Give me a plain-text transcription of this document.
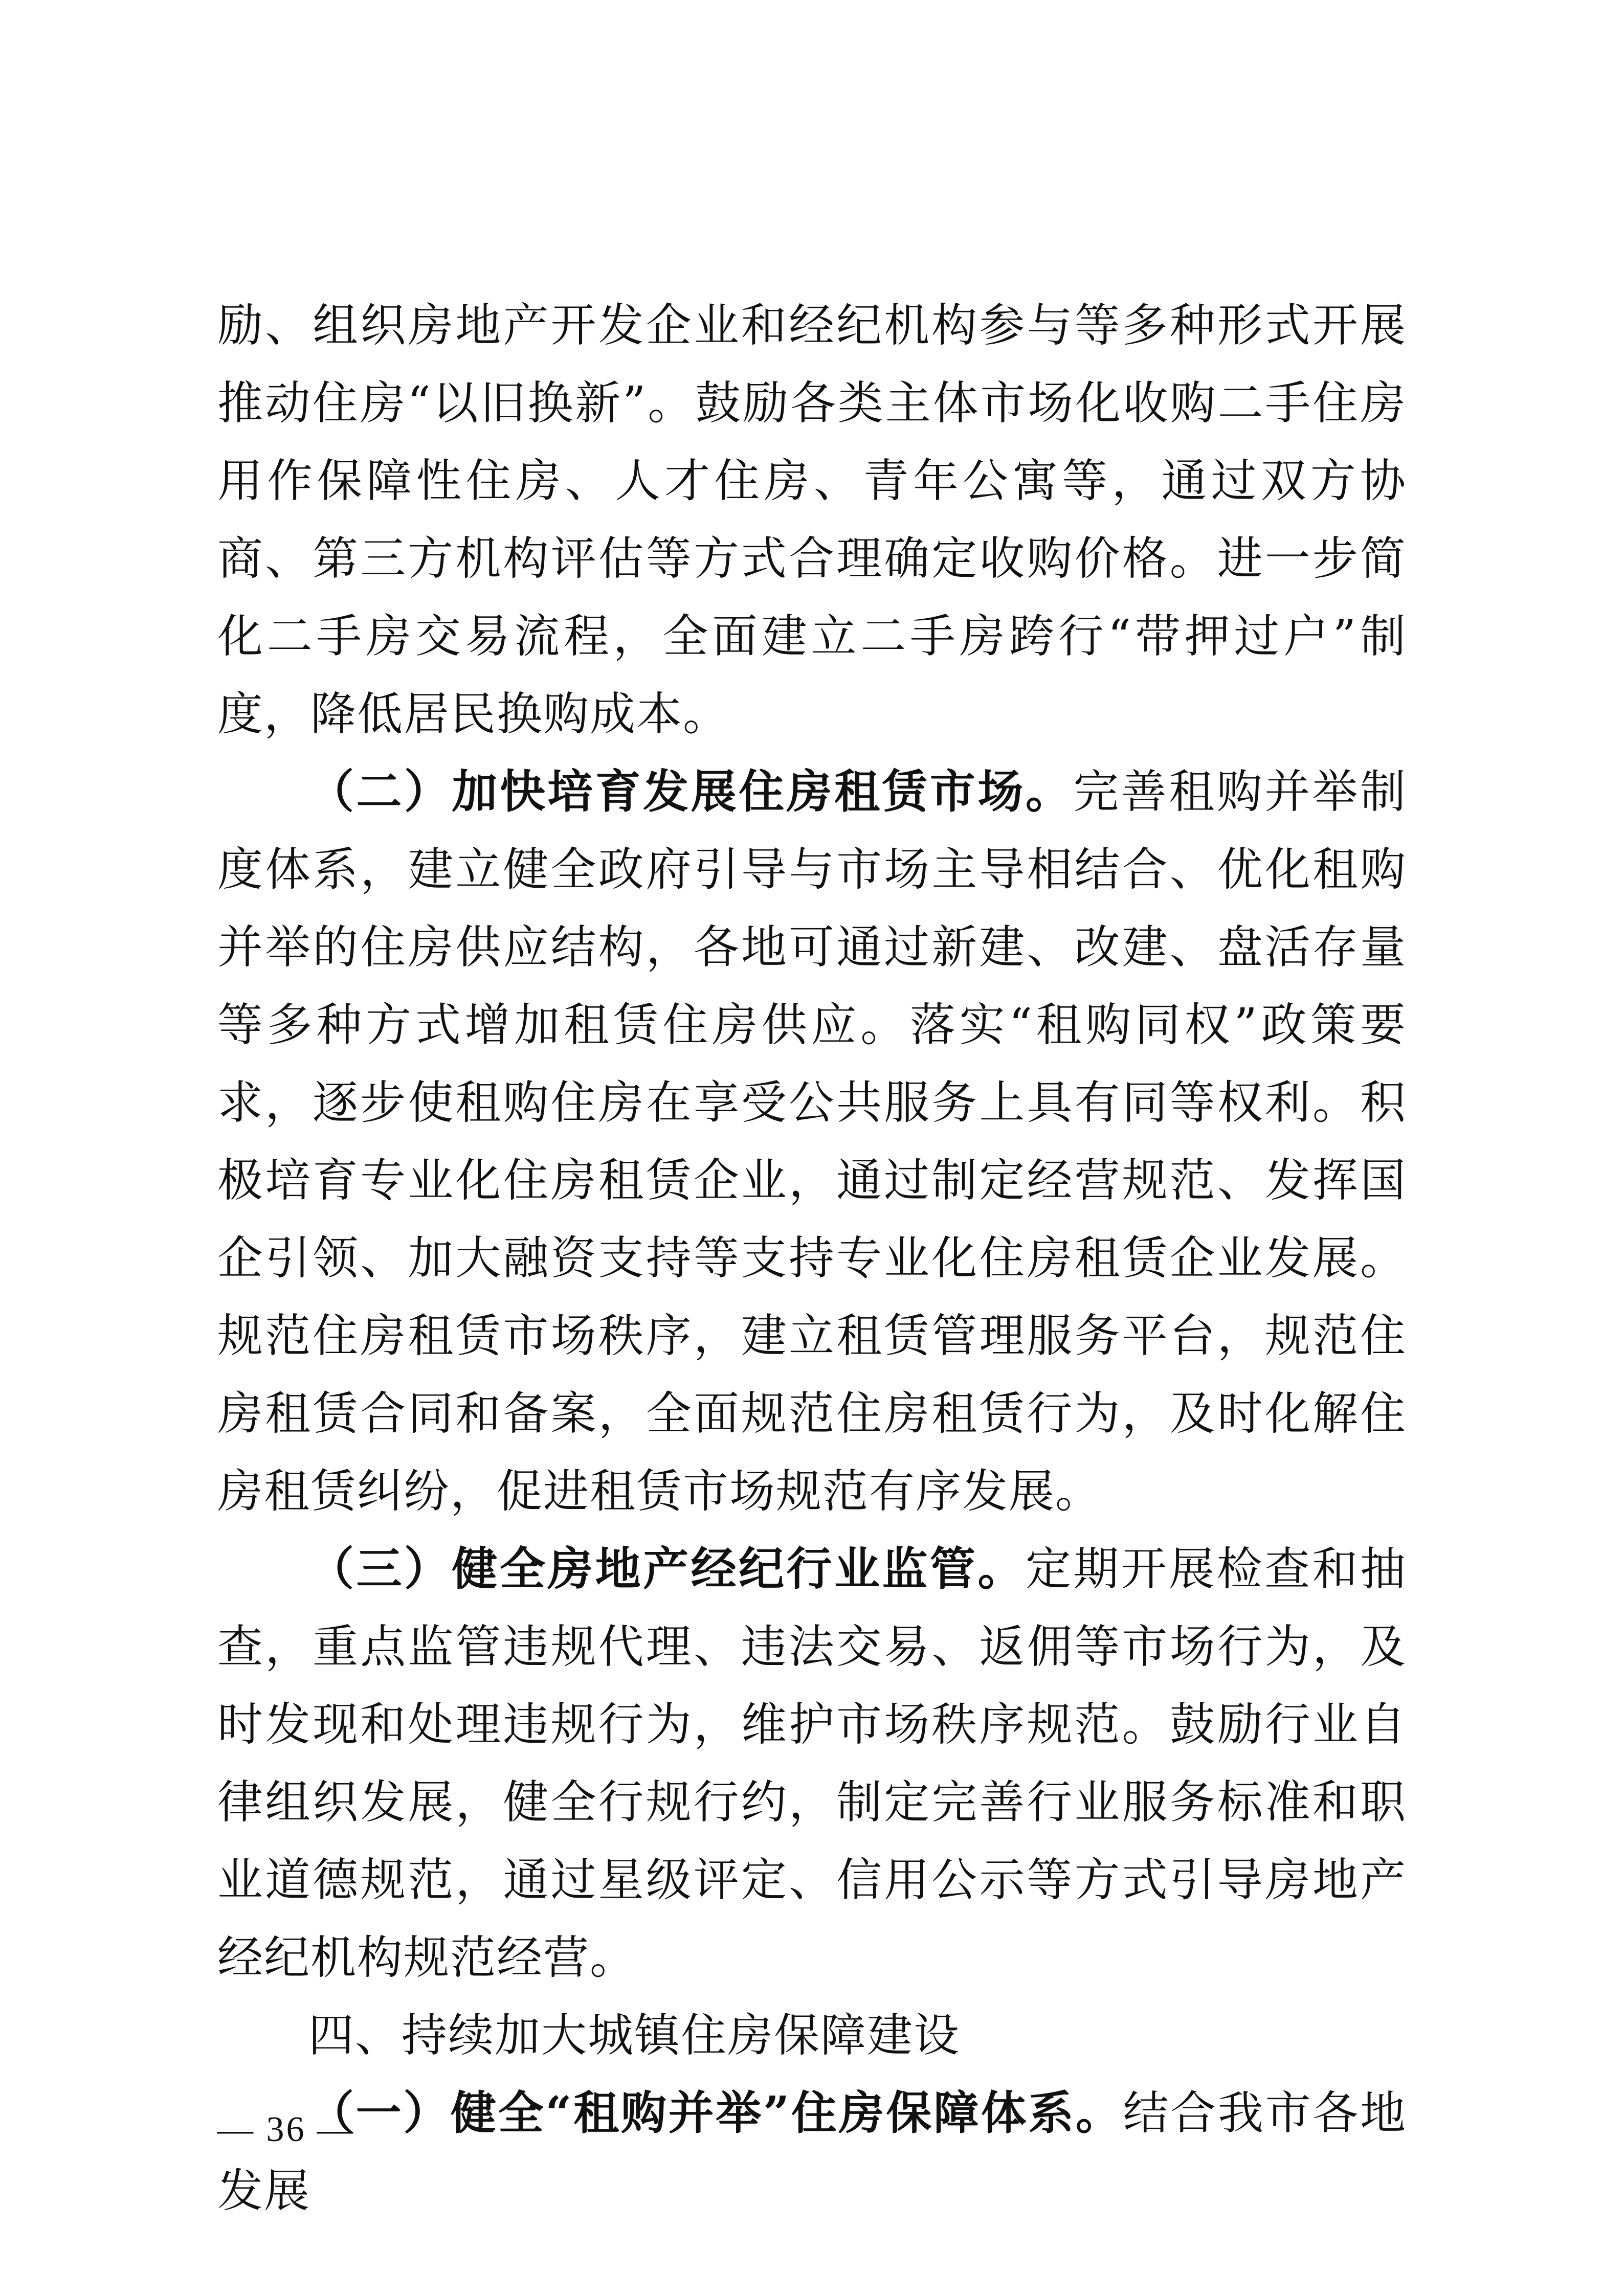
励、组织房地产开发企业和经纪机构参与等多种形式开展推动住房“以旧换新”。鼓励各类主体市场化收购二手住房用作保障性住房、人才住房、青年公寓等，通过双方协商、第三方机构评估等方式合理确定收购价格。进一步简化二手房交易流程，全面建立二手房跨行“带押过户”制度，降低居民换购成本。

（二）加快培育发展住房租赁市场。完善租购并举制度体系，建立健全政府引导与市场主导相结合、优化租购并举的住房供应结构，各地可通过新建、改建、盘活存量等多种方式增加租赁住房供应。落实“租购同权”政策要求，逐步使租购住房在享受公共服务上具有同等权利。积极培育专业化住房租赁企业，通过制定经营规范、发挥国企引领、加大融资支持等支持专业化住房租赁企业发展。规范住房租赁市场秩序，建立租赁管理服务平台，规范住房租赁合同和备案，全面规范住房租赁行为，及时化解住房租赁纠纷，促进租赁市场规范有序发展。

（三）健全房地产经纪行业监管。定期开展检查和抽查，重点监管违规代理、违法交易、返佣等市场行为，及时发现和处理违规行为，维护市场秩序规范。鼓励行业自律组织发展，健全行规行约，制定完善行业服务标准和职业道德规范，通过星级评定、信用公示等方式引导房地产经纪机构规范经营。

四、持续加大城镇住房保障建设

（一）健全“租购并举”住房保障体系。结合我市各地发展

— 36 —
